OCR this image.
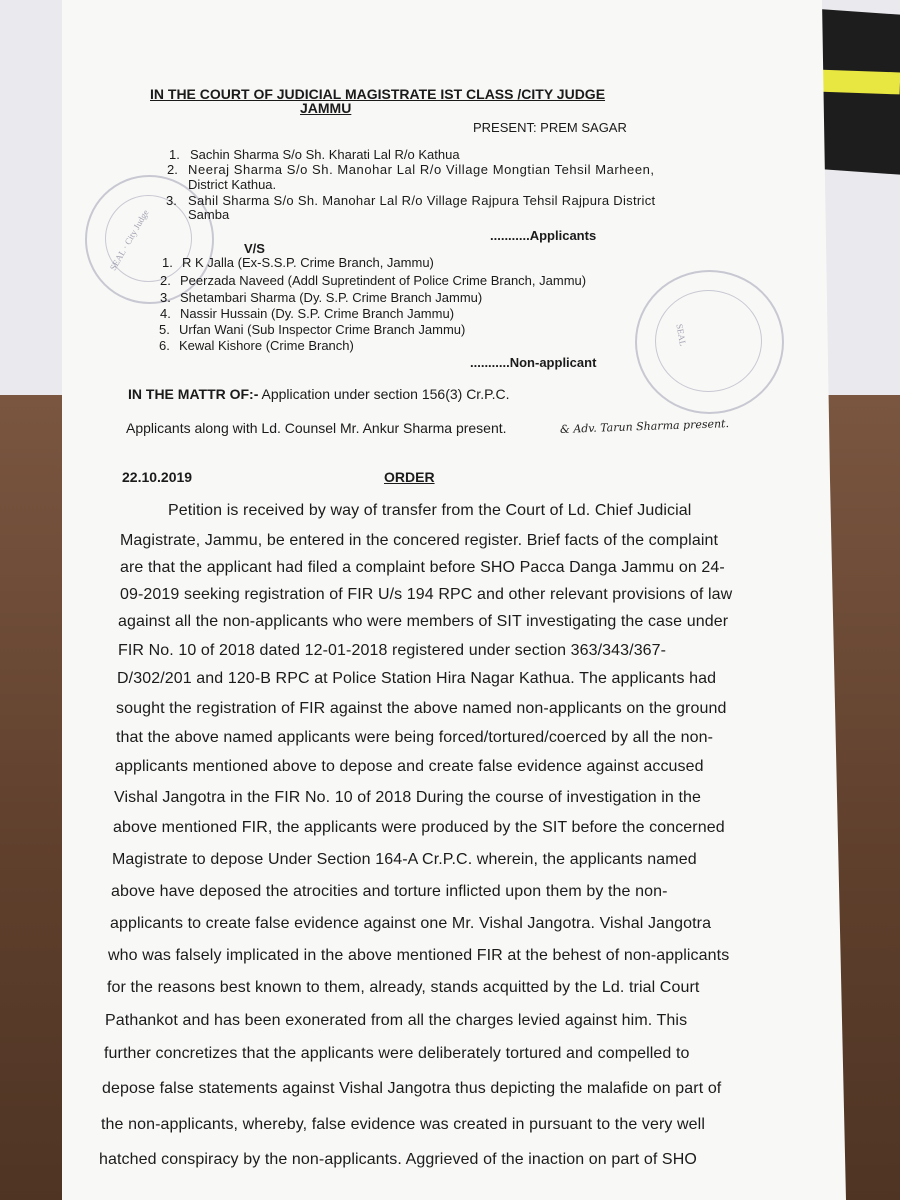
SEAL · City Judge
SEAL
IN THE COURT OF JUDICIAL MAGISTRATE IST CLASS /CITY JUDGE
JAMMU
PRESENT: PREM SAGAR
1. Sachin Sharma S/o Sh. Kharati Lal R/o Kathua
2. Neeraj Sharma S/o Sh. Manohar Lal R/o Village Mongtian Tehsil Marheen,
District Kathua.
3. Sahil Sharma S/o Sh. Manohar Lal R/o Village Rajpura Tehsil Rajpura District
Samba
...........Applicants
V/S
1. R K Jalla (Ex-S.S.P. Crime Branch, Jammu)
2. Peerzada Naveed (Addl Supretindent of Police Crime Branch, Jammu)
3. Shetambari Sharma (Dy. S.P. Crime Branch Jammu)
4. Nassir Hussain (Dy. S.P. Crime Branch Jammu)
5. Urfan Wani (Sub Inspector Crime Branch Jammu)
6. Kewal Kishore (Crime Branch)
...........Non-applicant
IN THE MATTR OF:- Application under section 156(3) Cr.P.C.
Applicants along with Ld. Counsel Mr. Ankur Sharma present.	& Adv. Tarun Sharma present.
22.10.2019	ORDER
Petition is received by way of transfer from the Court of Ld. Chief Judicial
Magistrate, Jammu, be entered in the concered register. Brief facts of the complaint
are that the applicant had filed a complaint before SHO Pacca Danga Jammu on 24-
09-2019 seeking registration of FIR U/s 194 RPC and other relevant provisions of law
against all the non-applicants who were members of SIT investigating the case under
FIR No. 10 of 2018 dated 12-01-2018 registered under section 363/343/367-
D/302/201 and 120-B RPC at Police Station Hira Nagar Kathua. The applicants had
sought the registration of FIR against the above named non-applicants on the ground
that the above named applicants were being forced/tortured/coerced by all the non-
applicants mentioned above to depose and create false evidence against accused
Vishal Jangotra in the FIR No. 10 of 2018 During the course of investigation in the
above mentioned FIR, the applicants were produced by the SIT before the concerned
Magistrate to depose Under Section 164-A Cr.P.C. wherein, the applicants named
above have deposed the atrocities and torture inflicted upon them by the non-
applicants to create false evidence against one Mr. Vishal Jangotra. Vishal Jangotra
who was falsely implicated in the above mentioned FIR at the behest of non-applicants
for the reasons best known to them, already, stands acquitted by the Ld. trial Court
Pathankot and has been exonerated from all the charges levied against him. This
further concretizes that the applicants were deliberately tortured and compelled to
depose false statements against Vishal Jangotra thus depicting the malafide on part of
the non-applicants, whereby, false evidence was created in pursuant to the very well
hatched conspiracy by the non-applicants. Aggrieved of the inaction on part of SHO
